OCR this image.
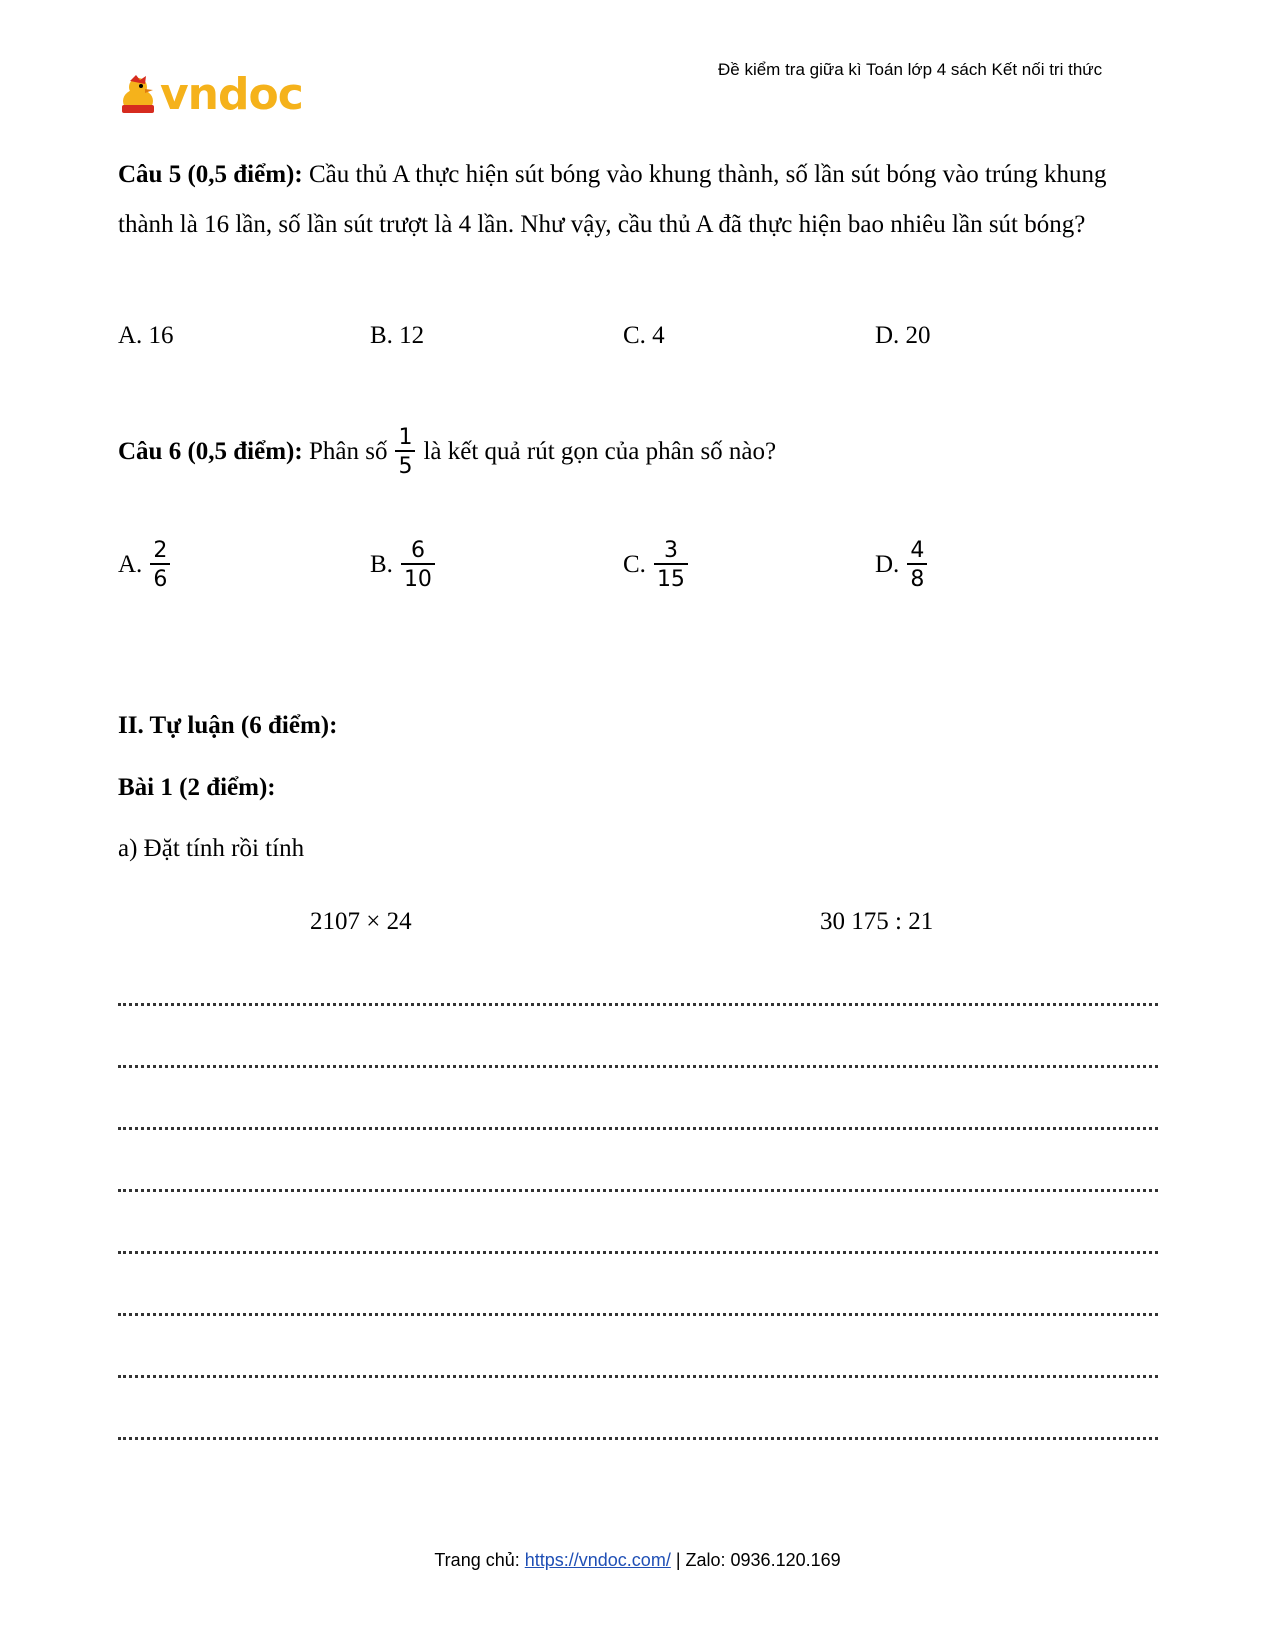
Đề kiểm tra giữa kì Toán lớp 4 sách Kết nối tri thức
vndoc
Câu 5 (0,5 điểm): Cầu thủ A thực hiện sút bóng vào khung thành, số lần sút bóng vào trúng khung thành là 16 lần, số lần sút trượt là 4 lần. Như vậy, cầu thủ A đã thực hiện bao nhiêu lần sút bóng?
A. 16	B. 12	C. 4	D. 20
Câu 6 (0,5 điểm): Phân số $\frac{1}{5}$ là kết quả rút gọn của phân số nào?
A. $\frac{2}{6}$	B. $\frac{6}{10}$	C. $\frac{3}{15}$	D. $\frac{4}{8}$
II. Tự luận (6 điểm):
Bài 1 (2 điểm):
a) Đặt tính rồi tính
2107 × 24	30 175 : 21
Trang chủ: https://vndoc.com/ | Zalo: 0936.120.169
